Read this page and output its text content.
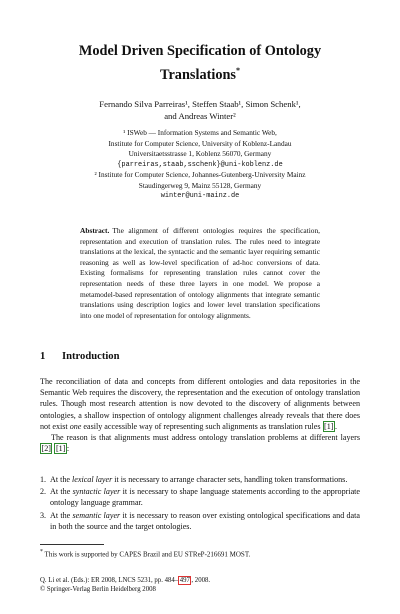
Model Driven Specification of Ontology
Translations*
Fernando Silva Parreiras¹, Steffen Staab¹, Simon Schenk¹,
and Andreas Winter²
¹ ISWeb — Information Systems and Semantic Web,
Institute for Computer Science, University of Koblenz-Landau
Universitaetsstrasse 1, Koblenz 56070, Germany
{parreiras,staab,sschenk}@uni-koblenz.de
² Institute for Computer Science, Johannes-Gutenberg-University Mainz
Staudingerweg 9, Mainz 55128, Germany
winter@uni-mainz.de
Abstract. The alignment of different ontologies requires the specification, representation and execution of translation rules. The rules need to integrate translations at the lexical, the syntactic and the semantic layer requiring semantic reasoning as well as low-level specification of ad-hoc conversions of data. Existing formalisms for representing translation rules cannot cover the representation needs of these three layers in one model. We propose a metamodel-based representation of ontology alignments that integrate semantic translations using description logics and lower level translation specifications into one model of representation for ontology alignments.
1 Introduction

The reconciliation of data and concepts from different ontologies and data repositories in the Semantic Web requires the discovery, the representation and the execution of ontology translation rules. Though most research attention is now devoted to the discovery of alignments between ontologies, a shallow inspection of ontology alignment challenges already reveals that there does not exist one easily accessible way of representing such alignments as translation rules [1] .

The reason is that alignments must address ontology translation problems at different layers [2] [1] :

1. At the lexical layer it is necessary to arrange character sets, handling token transformations.
2. At the syntactic layer it is necessary to shape language statements according to the appropriate ontology language grammar.
3. At the semantic layer it is necessary to reason over existing ontological specifications and data in both the source and the target ontologies.
* This work is supported by CAPES Brazil and EU STReP-216691 MOST.
Q. Li et al. (Eds.): ER 2008, LNCS 5231, pp. 484– 497 , 2008.
© Springer-Verlag Berlin Heidelberg 2008
